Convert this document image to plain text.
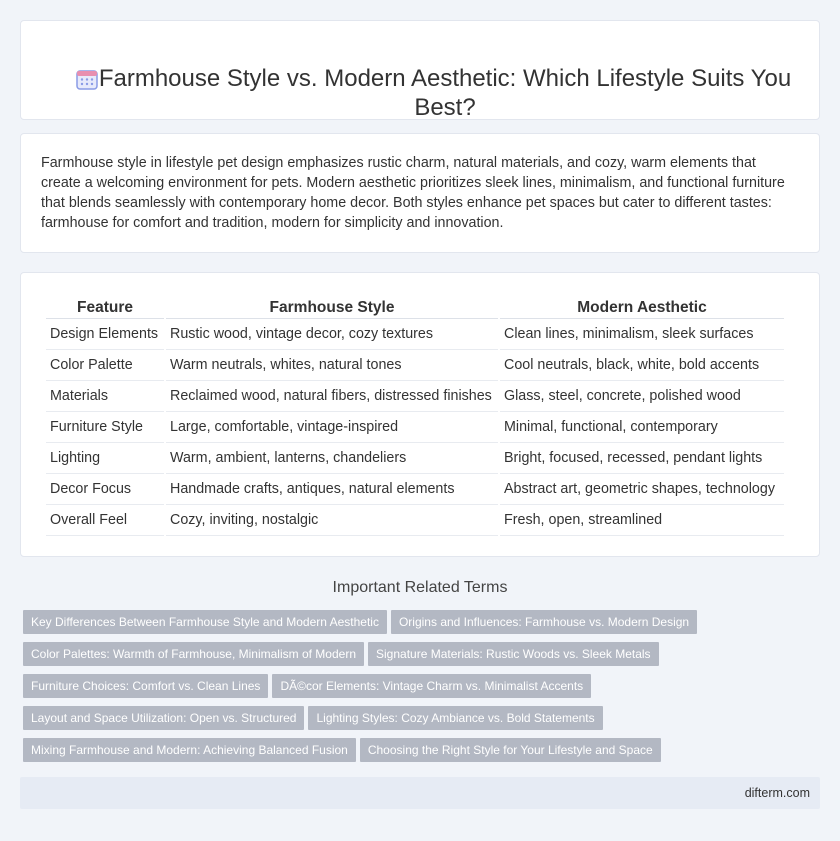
Farmhouse Style vs. Modern Aesthetic: Which Lifestyle Suits You Best?

Farmhouse style in lifestyle pet design emphasizes rustic charm, natural materials, and cozy, warm elements that create a welcoming environment for pets. Modern aesthetic prioritizes sleek lines, minimalism, and functional furniture that blends seamlessly with contemporary home decor. Both styles enhance pet spaces but cater to different tastes: farmhouse for comfort and tradition, modern for simplicity and innovation.

Feature	Farmhouse Style	Modern Aesthetic
Design Elements	Rustic wood, vintage decor, cozy textures	Clean lines, minimalism, sleek surfaces
Color Palette	Warm neutrals, whites, natural tones	Cool neutrals, black, white, bold accents
Materials	Reclaimed wood, natural fibers, distressed finishes	Glass, steel, concrete, polished wood
Furniture Style	Large, comfortable, vintage-inspired	Minimal, functional, contemporary
Lighting	Warm, ambient, lanterns, chandeliers	Bright, focused, recessed, pendant lights
Decor Focus	Handmade crafts, antiques, natural elements	Abstract art, geometric shapes, technology
Overall Feel	Cozy, inviting, nostalgic	Fresh, open, streamlined
Important Related Terms
Key Differences Between Farmhouse Style and Modern Aesthetic Origins and Influences: Farmhouse vs. Modern Design
Color Palettes: Warmth of Farmhouse, Minimalism of Modern Signature Materials: Rustic Woods vs. Sleek Metals
Furniture Choices: Comfort vs. Clean Lines DÃ©cor Elements: Vintage Charm vs. Minimalist Accents
Layout and Space Utilization: Open vs. Structured Lighting Styles: Cozy Ambiance vs. Bold Statements
Mixing Farmhouse and Modern: Achieving Balanced Fusion Choosing the Right Style for Your Lifestyle and Space

difterm.com
